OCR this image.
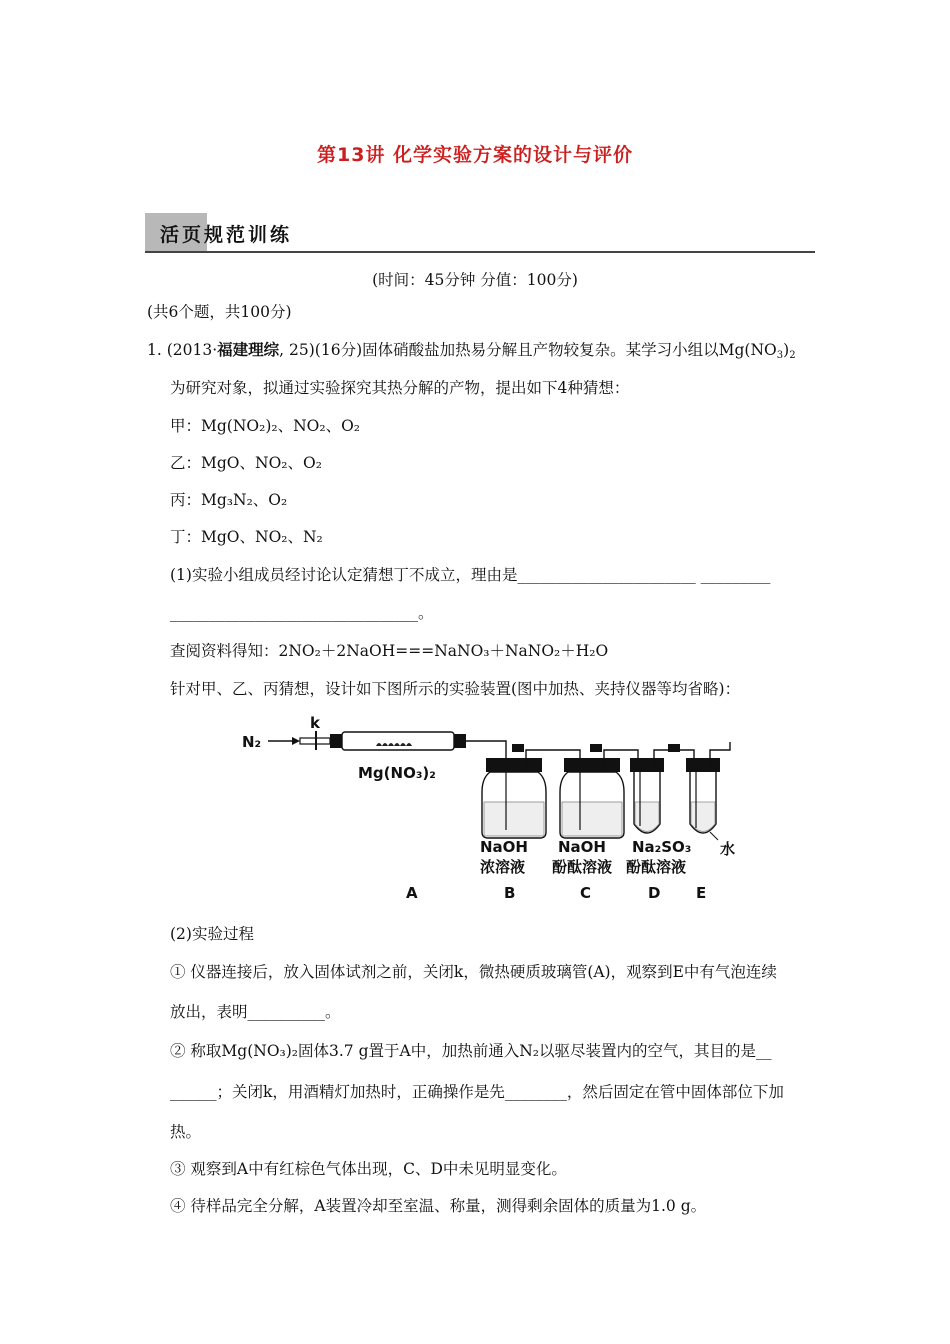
第13讲 化学实验方案的设计与评价
活页规范训练
(时间：45分钟 分值：100分)
(共6个题，共100分)
1. (2013·福建理综, 25)(16分)固体硝酸盐加热易分解且产物较复杂。某学习小组以$Mg(NO_3)_2$
为研究对象，拟通过实验探究其热分解的产物，提出如下4种猜想：
甲：Mg(NO₂)₂、NO₂、O₂
乙：MgO、NO₂、O₂
丙：Mg₃N₂、O₂
丁：MgO、NO₂、N₂
(1)实验小组成员经讨论认定猜想丁不成立，理由是_______________________ _________
________________________________。
查阅资料得知：2NO₂＋2NaOH===NaNO₃＋NaNO₂＋H₂O
针对甲、乙、丙猜想，设计如下图所示的实验装置(图中加热、夹持仪器等均省略)：
N₂
k
Mg(NO₃)₂
水
NaOH
浓溶液
NaOH
酚酞溶液
Na₂SO₃
酚酞溶液
A	B	C	D E
(2)实验过程
① 仪器连接后，放入固体试剂之前，关闭k，微热硬质玻璃管(A)，观察到E中有气泡连续
放出，表明__________。
② 称取Mg(NO₃)₂固体3.7 g置于A中，加热前通入N₂以驱尽装置内的空气，其目的是__
______；关闭k，用酒精灯加热时，正确操作是先________，然后固定在管中固体部位下加
热。
③ 观察到A中有红棕色气体出现，C、D中未见明显变化。
④ 待样品完全分解，A装置冷却至室温、称量，测得剩余固体的质量为1.0 g。
